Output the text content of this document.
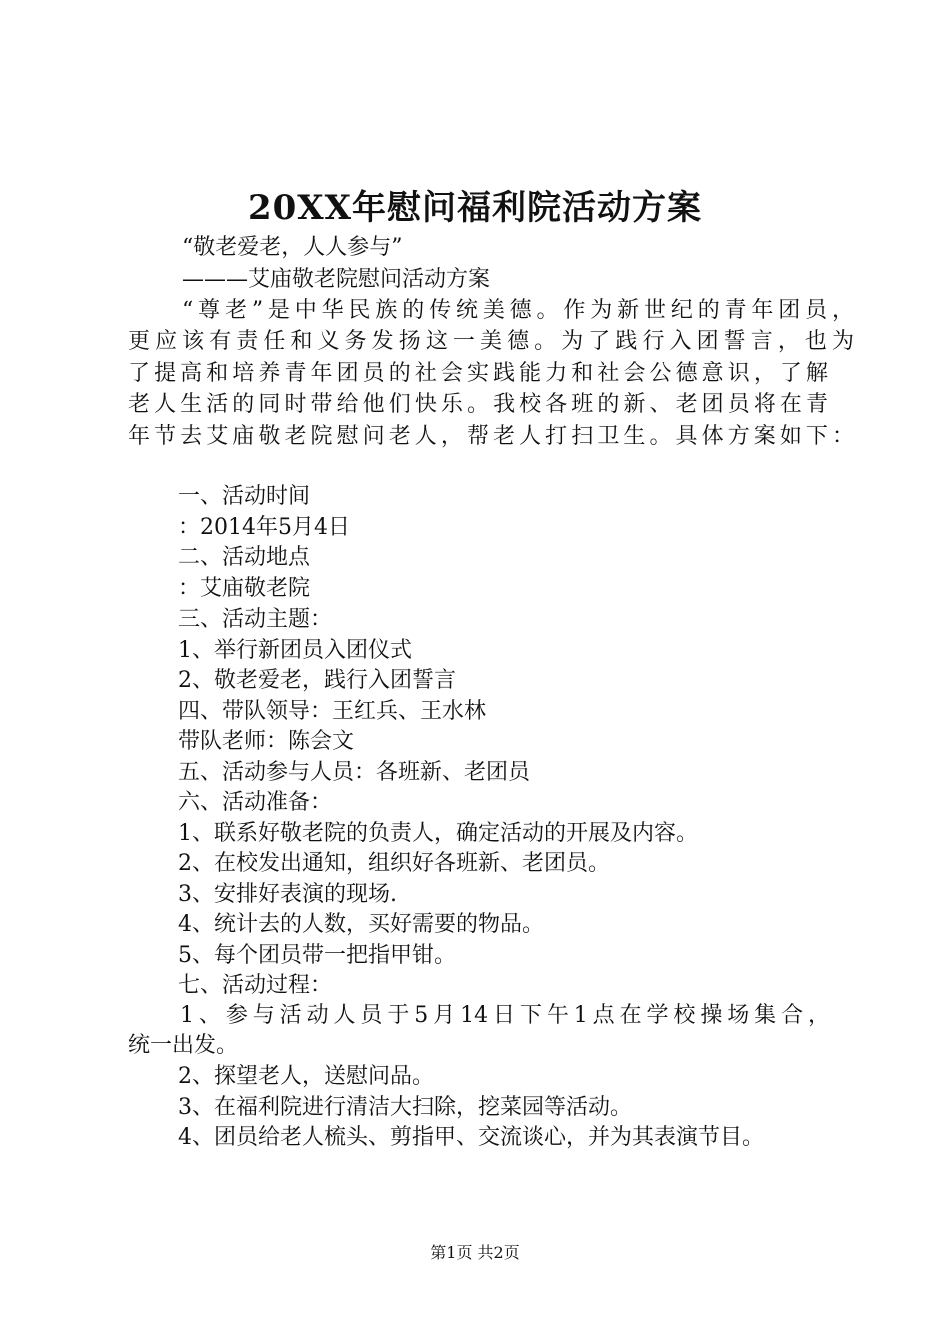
20XX年慰问福利院活动方案
“敬老爱老，人人参与”
———艾庙敬老院慰问活动方案
“尊老”是中华民族的传统美德。作为新世纪的青年团员，
更应该有责任和义务发扬这一美德。为了践行入团誓言，也为
了提高和培养青年团员的社会实践能力和社会公德意识，了解
老人生活的同时带给他们快乐。我校各班的新、老团员将在青
年节去艾庙敬老院慰问老人，帮老人打扫卫生。具体方案如下：
一、活动时间
：2014年5月4日
二、活动地点
：艾庙敬老院
三、活动主题：
1、举行新团员入团仪式
2、敬老爱老，践行入团誓言
四、带队领导：王红兵、王水林
带队老师：陈会文
五、活动参与人员：各班新、老团员
六、活动准备：
1、联系好敬老院的负责人，确定活动的开展及内容。
2、在校发出通知，组织好各班新、老团员。
3、安排好表演的现场.
4、统计去的人数，买好需要的物品。
5、每个团员带一把指甲钳。
七、活动过程：
1、参与活动人员于5月14日下午1点在学校操场集合，
统一出发。
2、探望老人，送慰问品。
3、在福利院进行清洁大扫除，挖菜园等活动。
4、团员给老人梳头、剪指甲、交流谈心，并为其表演节目。
第1页 共2页
